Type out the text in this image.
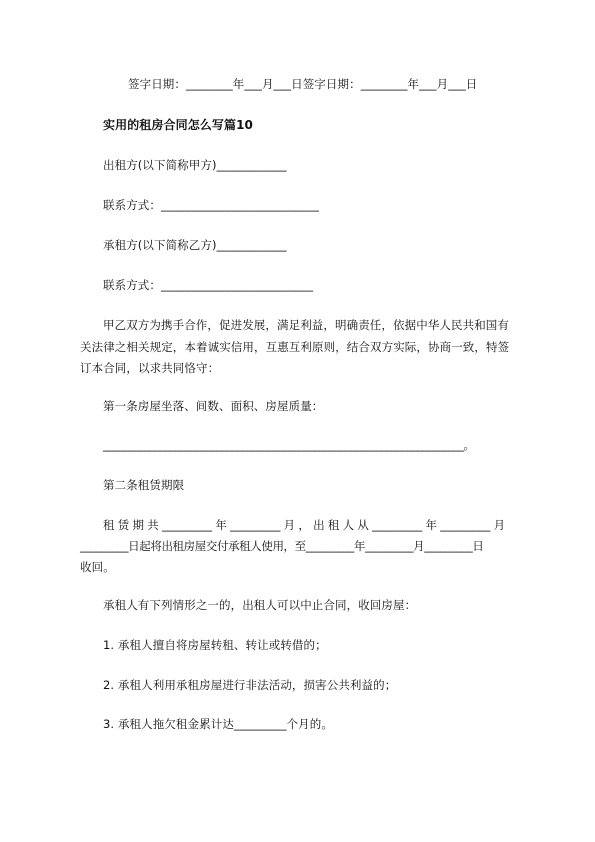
签字日期：________年___月___日签字日期：________年___月___日
实用的租房合同怎么写篇10
出租方(以下简称甲方)____________
联系方式：___________________________
承租方(以下简称乙方)____________
联系方式：__________________________
甲乙双方为携手合作，促进发展，满足利益，明确责任，依据中华人民共和国有
关法律之相关规定，本着诚实信用，互惠互利原则，结合双方实际，协商一致，特签
订本合同，以求共同恪守：
第一条房屋坐落、间数、面积、房屋质量：
______________________________________________________________________。
第二条租赁期限
租 赁 期 共 _________ 年 _________ 月 ， 出 租 人 从 _________ 年 _________ 月
_________日起将出租房屋交付承租人使用，至_________年_________月_________日
收回。
承租人有下列情形之一的，出租人可以中止合同，收回房屋：
1. 承租人擅自将房屋转租、转让或转借的；
2. 承租人利用承租房屋进行非法活动，损害公共利益的；
3. 承租人拖欠租金累计达_________个月的。
